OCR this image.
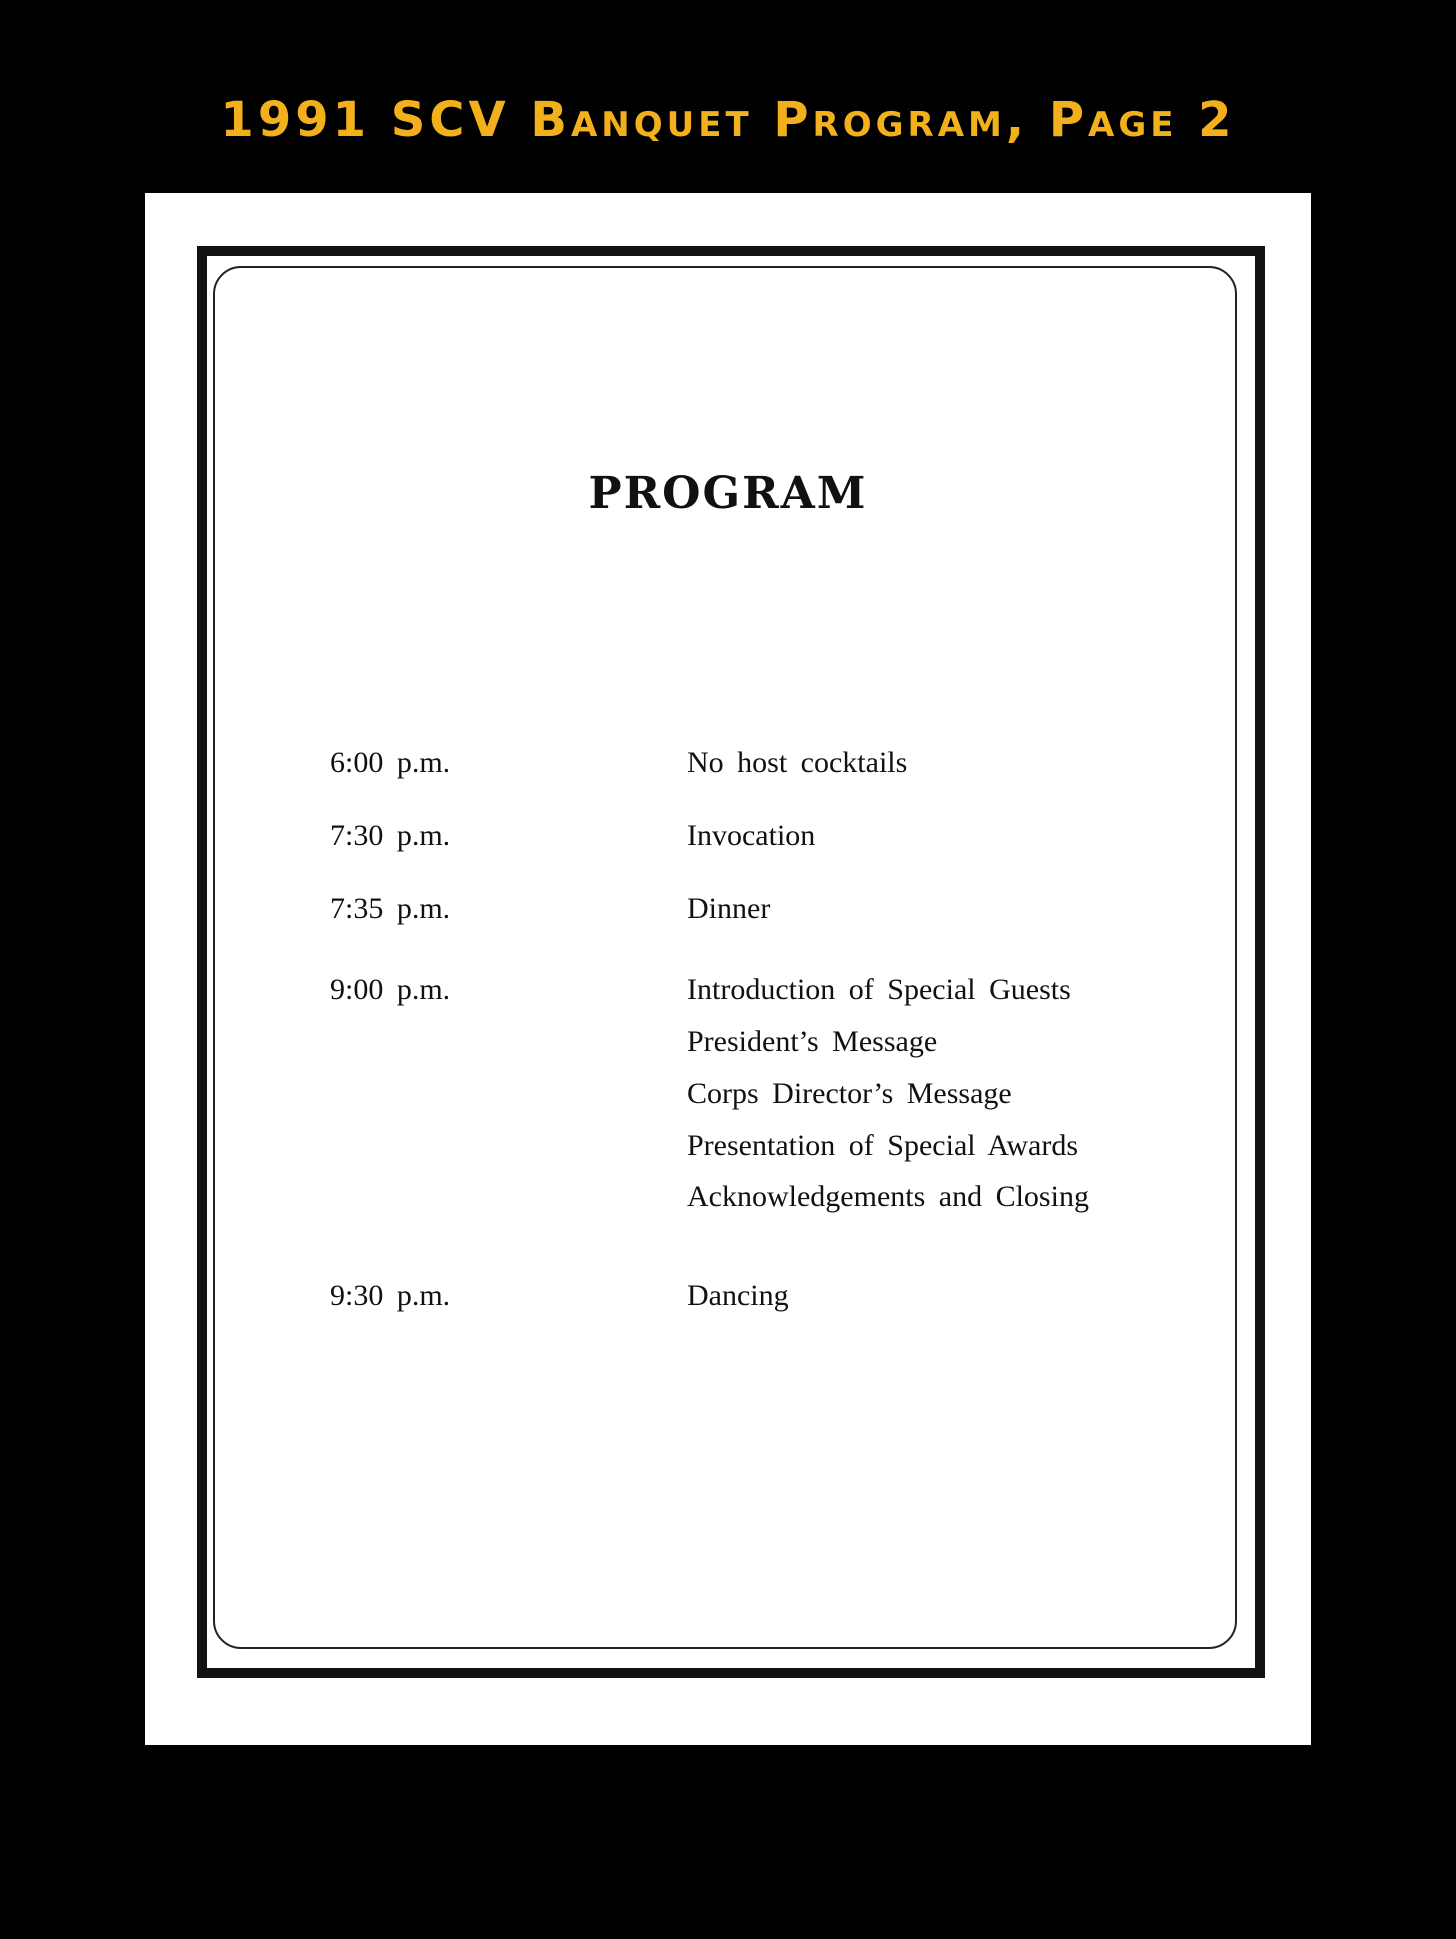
1991 SCV Banquet Program, Page 2
PROGRAM
6:00 p.m.	No host cocktails
7:30 p.m.	Invocation
7:35 p.m.	Dinner
9:00 p.m.	Introduction of Special Guests
President’s Message
Corps Director’s Message
Presentation of Special Awards
Acknowledgements and Closing
9:30 p.m.	Dancing
